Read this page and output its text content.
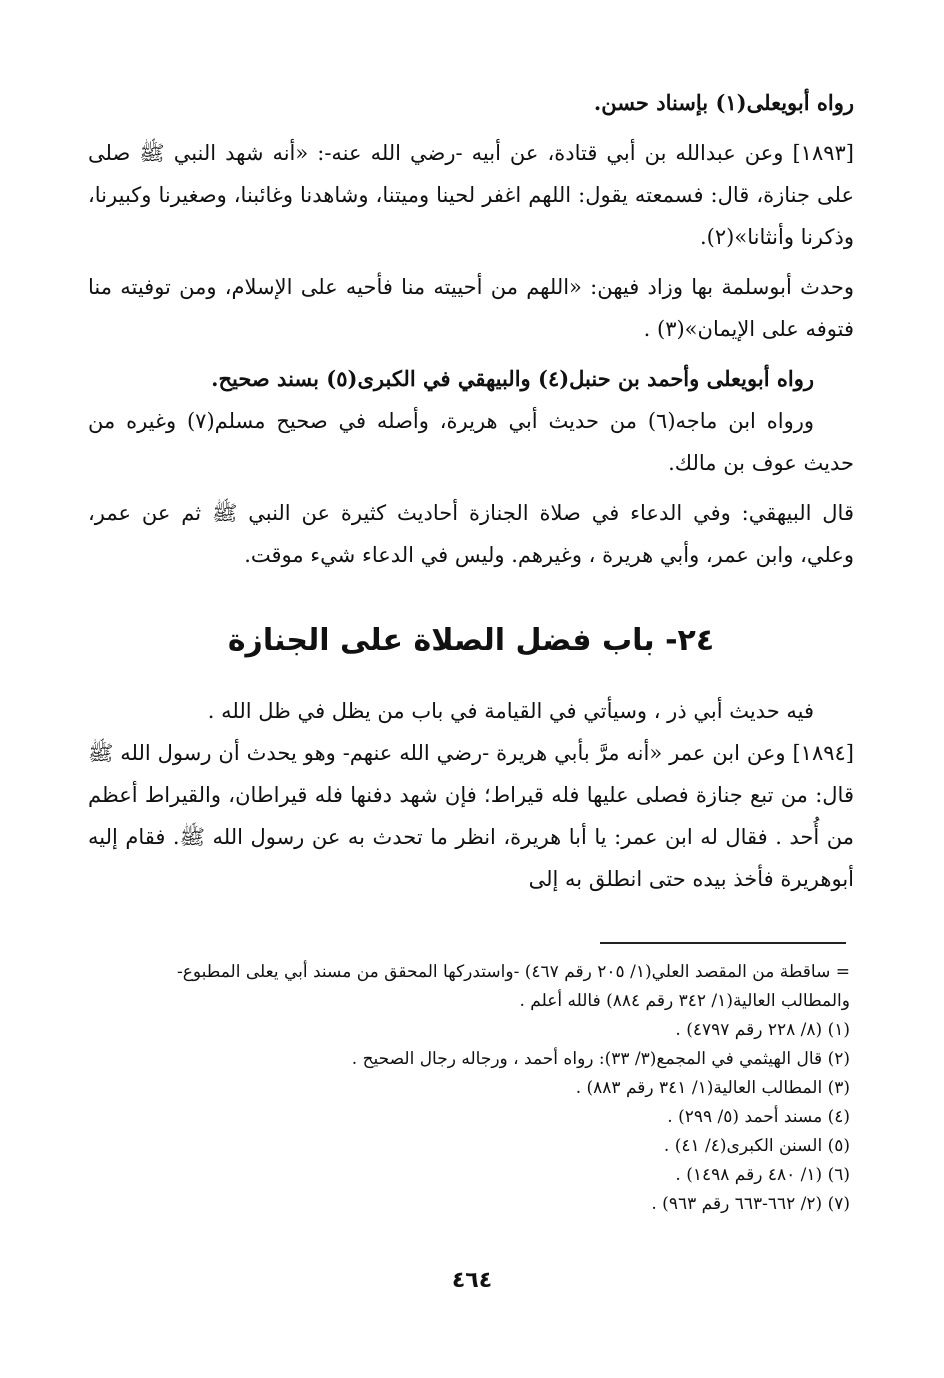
رواه أبويعلى(١) بإسناد حسن.

[١٨٩٣] وعن عبدالله بن أبي قتادة، عن أبيه -رضي الله عنه-: «أنه شهد النبي ﷺ صلى على جنازة، قال: فسمعته يقول: اللهم اغفر لحينا وميتنا، وشاهدنا وغائبنا، وصغيرنا وكبيرنا، وذكرنا وأنثانا»(٢).

وحدث أبوسلمة بها وزاد فيهن: «اللهم من أحييته منا فأحيه على الإسلام، ومن توفيته منا فتوفه على الإيمان»(٣) .

رواه أبويعلى وأحمد بن حنبل(٤) والبيهقي في الكبرى(٥) بسند صحيح.

ورواه ابن ماجه(٦) من حديث أبي هريرة، وأصله في صحيح مسلم(٧) وغيره من حديث عوف بن مالك.

قال البيهقي: وفي الدعاء في صلاة الجنازة أحاديث كثيرة عن النبي ﷺ ثم عن عمر، وعلي، وابن عمر، وأبي هريرة ، وغيرهم. وليس في الدعاء شيء موقت.

٢٤- باب فضل الصلاة على الجنازة

فيه حديث أبي ذر ، وسيأتي في القيامة في باب من يظل في ظل الله .

[١٨٩٤] وعن ابن عمر «أنه مرَّ بأبي هريرة -رضي الله عنهم- وهو يحدث أن رسول الله ﷺ قال: من تبع جنازة فصلى عليها فله قيراط؛ فإن شهد دفنها فله قيراطان، والقيراط أعظم من أُحد . فقال له ابن عمر: يا أبا هريرة، انظر ما تحدث به عن رسول الله ﷺ. فقام إليه أبوهريرة فأخذ بيده حتى انطلق به إلى

= ساقطة من المقصد العلي(١/ ٢٠٥ رقم ٤٦٧) -واستدركها المحقق من مسند أبي يعلى المطبوع- والمطالب العالية(١/ ٣٤٢ رقم ٨٨٤) فالله أعلم .

(١) (٨/ ٢٢٨ رقم ٤٧٩٧) .

(٢) قال الهيثمي في المجمع(٣/ ٣٣): رواه أحمد ، ورجاله رجال الصحيح .

(٣) المطالب العالية(١/ ٣٤١ رقم ٨٨٣) .

(٤) مسند أحمد (٥/ ٢٩٩) .

(٥) السنن الكبرى(٤/ ٤١) .

(٦) (١/ ٤٨٠ رقم ١٤٩٨) .

(٧) (٢/ ٦٦٢-٦٦٣ رقم ٩٦٣) .

٤٦٤
